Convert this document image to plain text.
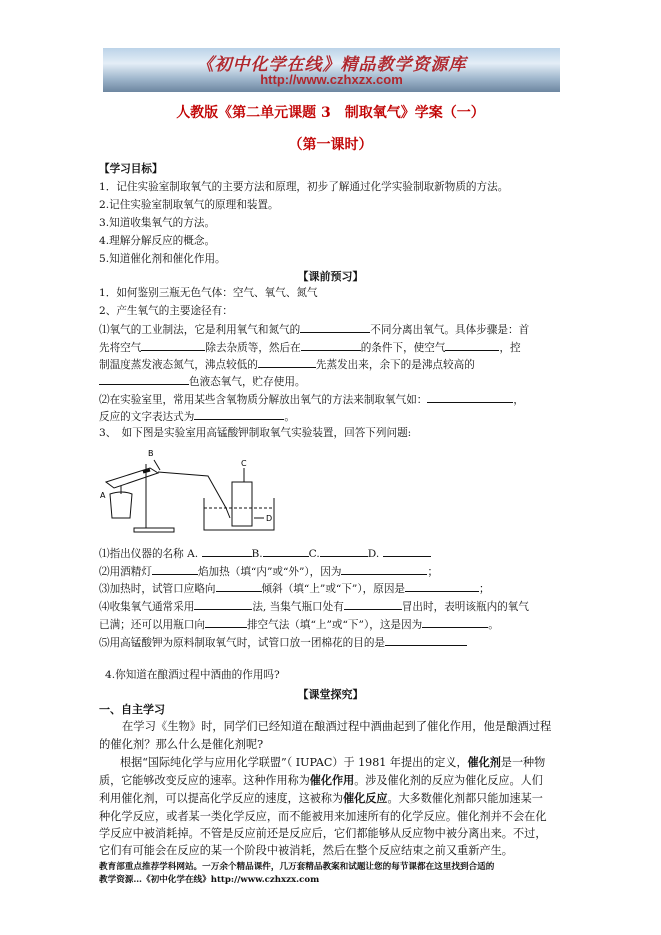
《初中化学在线》精品教学资源库
http://www.czhxzx.com
人教版《第二单元课题 3　制取氧气》学案（一）
（第一课时）
【学习目标】
1．记住实验室制取氧气的主要方法和原理，初步了解通过化学实验制取新物质的方法。
2.记住实验室制取氧气的原理和装置。
3.知道收集氧气的方法。
4.理解分解反应的概念。
5.知道催化剂和催化作用。
【课前预习】
1．如何鉴别三瓶无色气体：空气、氧气、氮气
2、产生氧气的主要途径有：
⑴氧气的工业制法，它是利用氧气和氮气的	不同分离出氧气。具体步骤是：首
先将空气	除去杂质等，然后在	的条件下，使空气	，控
制温度蒸发液态氮气，沸点较低的	先蒸发出来，余下的是沸点较高的
色液态氧气，贮存使用。
⑵在实验室里，常用某些含氧物质分解放出氧气的方法来制取氧气如：	，
反应的文字表达式为	。
3、　如下图是实验室用高锰酸钾制取氧气实验装置，回答下列问题:
A
B
C
D
⑴指出仪器的名称 A.	B.	C.	D.
⑵用酒精灯	焰加热（填“内”或“外”），因为	；
⑶加热时，试管口应略向	倾斜（填“上”或“下”），原因是	；
⑷收集氧气通常采用	法, 当集气瓶口处有	冒出时，表明该瓶内的氧气
已满；还可以用瓶口向	排空气法（填“上”或“下”），这是因为	。
⑸用高锰酸钾为原料制取氧气时，试管口放一团棉花的目的是
4.你知道在酿酒过程中酒曲的作用吗?
【课堂探究】
一、自主学习
在学习《生物》时，同学们已经知道在酿酒过程中酒曲起到了催化作用，他是酿酒过程
的催化剂？那么什么是催化剂呢?
根据“国际纯化学与应用化学联盟”（ IUPAC）于 1981 年提出的定义，催化剂是一种物
质，它能够改变反应的速率。这种作用称为催化作用。涉及催化剂的反应为催化反应。人们
利用催化剂，可以提高化学反应的速度，这被称为催化反应。大多数催化剂都只能加速某一
种化学反应，或者某一类化学反应，而不能被用来加速所有的化学反应。催化剂并不会在化
学反应中被消耗掉。不管是反应前还是反应后，它们都能够从反应物中被分离出来。不过，
它们有可能会在反应的某一个阶段中被消耗，然后在整个反应结束之前又重新产生。
教育部重点推荐学科网站。一万余个精品课件，几万套精品教案和试题让您的每节课都在这里找到合适的
教学资源…《初中化学在线》http://www.czhxzx.com
